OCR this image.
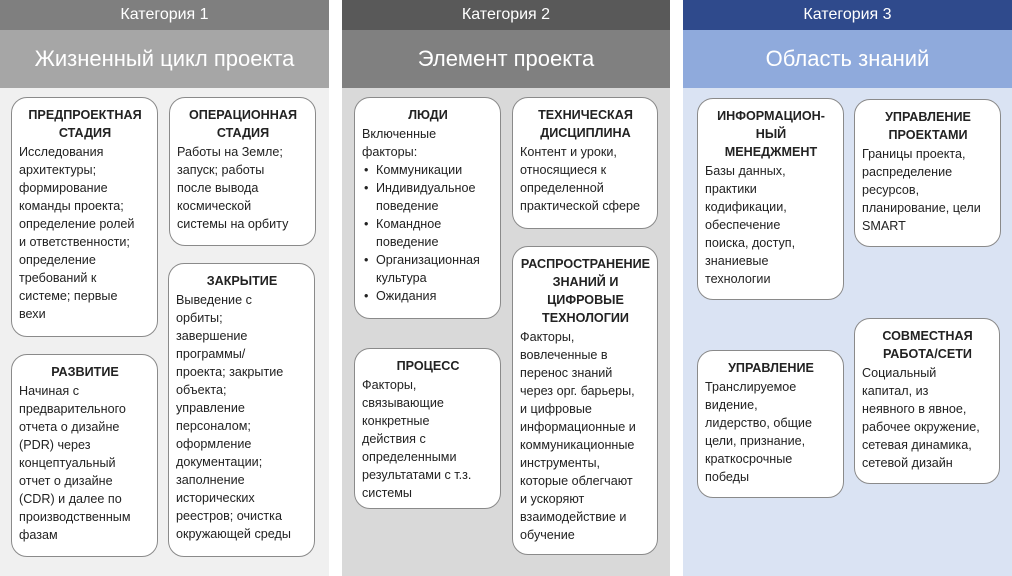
Категория 1
Жизненный цикл проекта
ПРЕДПРОЕКТНАЯ
СТАДИЯ
Исследования
архитектуры;
формирование
команды проекта;
определение ролей
и ответственности;
определение
требований к
системе; первые
вехи
ОПЕРАЦИОННАЯ
СТАДИЯ
Работы на Земле;
запуск; работы
после вывода
космической
системы на орбиту
РАЗВИТИЕ
Начиная с
предварительного
отчета о дизайне
(PDR) через
концептуальный
отчет о дизайне
(CDR) и далее по
производственным
фазам
ЗАКРЫТИЕ
Выведение с
орбиты;
завершение
программы/
проекта; закрытие
объекта;
управление
персоналом;
оформление
документации;
заполнение
исторических
реестров; очистка
окружающей среды
Категория 2
Элемент проекта
ЛЮДИ
Включенные
факторы:
• Коммуникации
• Индивидуальное поведение
• Командное поведение
• Организационная культура
• Ожидания
ТЕХНИЧЕСКАЯ
ДИСЦИПЛИНА
Контент и уроки,
относящиеся к
определенной
практической сфере
ПРОЦЕСС
Факторы,
связывающие
конкретные
действия с
определенными
результатами с т.з.
системы
РАСПРОСТРАНЕНИЕ
ЗНАНИЙ И
ЦИФРОВЫЕ
ТЕХНОЛОГИИ
Факторы,
вовлеченные в
перенос знаний
через орг. барьеры,
и цифровые
информационные и
коммуникационные
инструменты,
которые облегчают
и ускоряют
взаимодействие и
обучение
Категория 3
Область знаний
ИНФОРМАЦИОН-
НЫЙ
МЕНЕДЖМЕНТ
Базы данных,
практики
кодификации,
обеспечение
поиска, доступ,
знаниевые
технологии
УПРАВЛЕНИЕ
ПРОЕКТАМИ
Границы проекта,
распределение
ресурсов,
планирование, цели
SMART
УПРАВЛЕНИЕ
Транслируемое
видение,
лидерство, общие
цели, признание,
краткосрочные
победы
СОВМЕСТНАЯ
РАБОТА/СЕТИ
Социальный
капитал, из
неявного в явное,
рабочее окружение,
сетевая динамика,
сетевой дизайн
